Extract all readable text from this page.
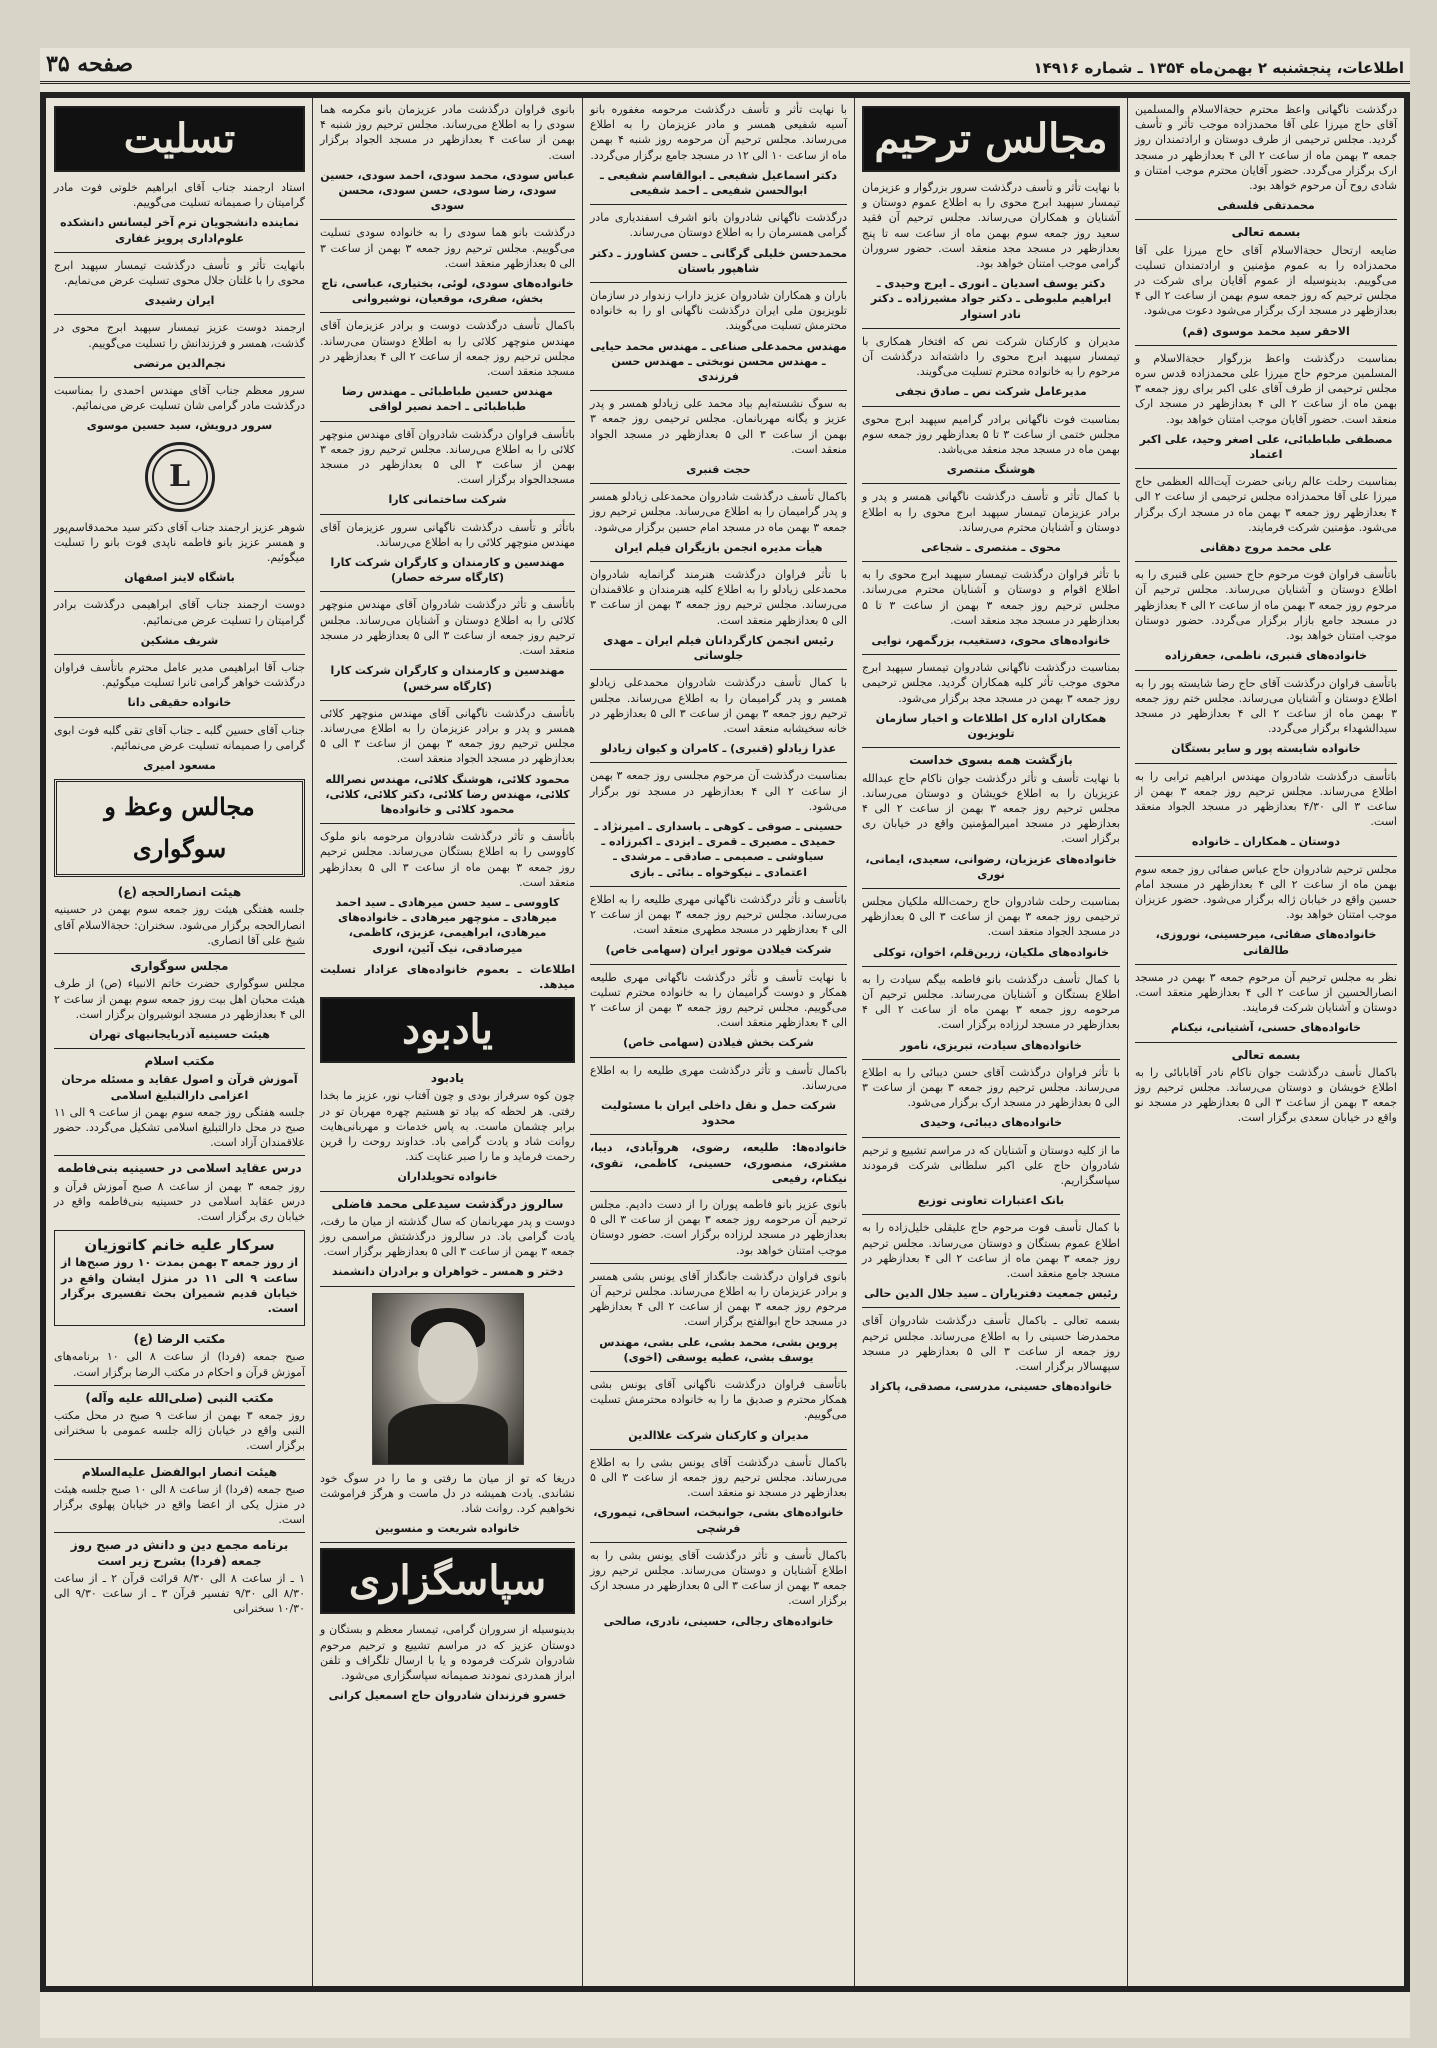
اطلاعات، پنجشنبه ۲ بهمن‌ماه ۱۳۵۴ ـ شماره ۱۴۹۱۶
صفحه ۳۵

درگذشت ناگهانی واعظ محترم حجةالاسلام والمسلمین آقای حاج میرزا علی آقا محمدزاده موجب تأثر و تأسف گردید. مجلس ترحیمی از طرف دوستان و ارادتمندان روز جمعه ۳ بهمن ماه از ساعت ۲ الی ۴ بعدازظهر در مسجد ارک برگزار می‌گردد. حضور آقایان محترم موجب امتنان و شادی روح آن مرحوم خواهد بود.

محمدتقی فلسفی
بسمه تعالی

ضایعه ارتحال حجةالاسلام آقای حاج میرزا علی آقا محمدزاده را به عموم مؤمنین و ارادتمندان تسلیت می‌گوییم. بدینوسیله از عموم آقایان برای شرکت در مجلس ترحیم که روز جمعه سوم بهمن از ساعت ۲ الی ۴ بعدازظهر در مسجد ارک برگزار می‌شود دعوت می‌شود.

الاحقر سید محمد موسوی (قم)

بمناسبت درگذشت واعظ بزرگوار حجةالاسلام و المسلمین مرحوم حاج میرزا علی محمدزاده قدس سره مجلس ترحیمی از طرف آقای علی اکبر برای روز جمعه ۳ بهمن ماه از ساعت ۲ الی ۴ بعدازظهر در مسجد ارک منعقد است. حضور آقایان موجب امتنان خواهد بود.

مصطفی طباطبائی، علی اصغر وحید، علی اکبر اعتماد

بمناسبت رحلت عالم ربانی حضرت آیت‌الله العظمی حاج میرزا علی آقا محمدزاده مجلس ترحیمی از ساعت ۲ الی ۴ بعدازظهر روز جمعه ۳ بهمن ماه در مسجد ارک برگزار می‌شود. مؤمنین شرکت فرمایند.

علی محمد مروج دهقانی

باتأسف فراوان فوت مرحوم حاج حسین علی قنبری را به اطلاع دوستان و آشنایان می‌رساند. مجلس ترحیم آن مرحوم روز جمعه ۳ بهمن ماه از ساعت ۲ الی ۴ بعدازظهر در مسجد جامع بازار برگزار می‌گردد. حضور دوستان موجب امتنان خواهد بود.

خانواده‌های قنبری، ناظمی، جعفرزاده

باتأسف فراوان درگذشت آقای حاج رضا شایسته پور را به اطلاع دوستان و آشنایان می‌رساند. مجلس ختم روز جمعه ۳ بهمن ماه از ساعت ۲ الی ۴ بعدازظهر در مسجد سیدالشهداء برگزار می‌گردد.

خانواده شایسته پور و سایر بستگان

باتأسف درگذشت شادروان مهندس ابراهیم ترابی را به اطلاع می‌رساند. مجلس ترحیم روز جمعه ۳ بهمن از ساعت ۳ الی ۴/۳۰ بعدازظهر در مسجد الجواد منعقد است.

دوستان ـ همکاران ـ خانواده

مجلس ترحیم شادروان حاج عباس صفائی روز جمعه سوم بهمن ماه از ساعت ۲ الی ۴ بعدازظهر در مسجد امام حسین واقع در خیابان ژاله برگزار می‌شود. حضور عزیزان موجب امتنان خواهد بود.

خانواده‌های صفائی، میرحسینی، نوروزی، طالقانی

نظر به مجلس ترحیم آن مرحوم جمعه ۳ بهمن در مسجد انصارالحسین از ساعت ۲ الی ۴ بعدازظهر منعقد است. دوستان و آشنایان شرکت فرمایند.

خانواده‌های حسنی، آشتیانی، نیکنام
بسمه تعالی

باکمال تأسف درگذشت جوان ناکام نادر آقابابائی را به اطلاع خویشان و دوستان می‌رساند. مجلس ترحیم روز جمعه ۳ بهمن از ساعت ۳ الی ۵ بعدازظهر در مسجد نو واقع در خیابان سعدی برگزار است.

مجالس ترحیم

با نهایت تأثر و تأسف درگذشت سرور بزرگوار و عزیزمان تیمسار سپهبد ابرج محوی را به اطلاع عموم دوستان و آشنایان و همکاران می‌رساند. مجلس ترحیم آن فقید سعید روز جمعه سوم بهمن ماه از ساعت سه تا پنج بعدازظهر در مسجد مجد منعقد است. حضور سروران گرامی موجب امتنان خواهد بود.

دکتر یوسف اسدیان ـ انوری ـ ایرج وحیدی ـ ابراهیم ملبوطی ـ دکتر جواد مشیرزاده ـ دکتر نادر استوار

مدیران و کارکنان شرکت نص که افتخار همکاری با تیمسار سپهبد ابرج محوی را داشته‌اند درگذشت آن مرحوم را به خانواده محترم تسلیت می‌گویند.

مدیرعامل شرکت نص ـ صادق نجفی

بمناسبت فوت ناگهانی برادر گرامیم سپهبد ابرج محوی مجلس ختمی از ساعت ۳ تا ۵ بعدازظهر روز جمعه سوم بهمن ماه در مسجد مجد منعقد می‌باشد.

هوشنگ منتصری

با کمال تأثر و تأسف درگذشت ناگهانی همسر و پدر و برادر عزیزمان تیمسار سپهبد ابرج محوی را به اطلاع دوستان و آشنایان محترم می‌رساند.

محوی ـ منتصری ـ شجاعی

با تأثر فراوان درگذشت تیمسار سپهبد ابرج محوی را به اطلاع اقوام و دوستان و آشنایان محترم می‌رساند. مجلس ترحیم روز جمعه ۳ بهمن از ساعت ۳ تا ۵ بعدازظهر در مسجد مجد منعقد است.

خانواده‌های محوی، دستغیب، بزرگمهر، نوایی

بمناسبت درگذشت ناگهانی شادروان تیمسار سپهبد ابرج محوی موجب تأثر کلیه همکاران گردید. مجلس ترحیمی روز جمعه ۳ بهمن در مسجد مجد برگزار می‌شود.

همکاران اداره کل اطلاعات و اخبار سازمان تلویزیون
بازگشت همه بسوی خداست

با نهایت تأسف و تأثر درگذشت جوان ناکام حاج عبدالله عزیزیان را به اطلاع خویشان و دوستان می‌رساند. مجلس ترحیم روز جمعه ۳ بهمن از ساعت ۲ الی ۴ بعدازظهر در مسجد امیرالمؤمنین واقع در خیابان ری برگزار است.

خانواده‌های عزیزیان، رضوانی، سعیدی، ایمانی، نوری

بمناسبت رحلت شادروان حاج رحمت‌الله ملکیان مجلس ترحیمی روز جمعه ۳ بهمن از ساعت ۳ الی ۵ بعدازظهر در مسجد الجواد منعقد است.

خانواده‌های ملکیان، زرین‌قلم، اخوان، توکلی

با کمال تأسف درگذشت بانو فاطمه بیگم سیادت را به اطلاع بستگان و آشنایان می‌رساند. مجلس ترحیم آن مرحومه روز جمعه ۳ بهمن ماه از ساعت ۲ الی ۴ بعدازظهر در مسجد لرزاده برگزار است.

خانواده‌های سیادت، تبریزی، نامور

با تأثر فراوان درگذشت آقای حسن دیبائی را به اطلاع می‌رساند. مجلس ترحیم روز جمعه ۳ بهمن از ساعت ۳ الی ۵ بعدازظهر در مسجد ارک برگزار می‌شود.

خانواده‌های دیبائی، وحیدی

ما از کلیه دوستان و آشنایان که در مراسم تشییع و ترحیم شادروان حاج علی اکبر سلطانی شرکت فرمودند سپاسگزاریم.

بانک اعتبارات تعاونی توزیع

با کمال تأسف فوت مرحوم حاج علیقلی خلیل‌زاده را به اطلاع عموم بستگان و دوستان می‌رساند. مجلس ترحیم روز جمعه ۳ بهمن ماه از ساعت ۲ الی ۴ بعدازظهر در مسجد جامع منعقد است.

رئیس جمعیت دفتریاران ـ سید جلال الدین حالی

بسمه تعالی ـ باکمال تأسف درگذشت شادروان آقای محمدرضا حسینی را به اطلاع می‌رساند. مجلس ترحیم روز جمعه از ساعت ۳ الی ۵ بعدازظهر در مسجد سپهسالار برگزار است.

خانواده‌های حسینی، مدرسی، مصدقی، پاکزاد

با نهایت تأثر و تأسف درگذشت مرحومه مغفوره بانو آسیه شفیعی همسر و مادر عزیزمان را به اطلاع می‌رساند. مجلس ترحیم آن مرحومه روز شنبه ۴ بهمن ماه از ساعت ۱۰ الی ۱۲ در مسجد جامع برگزار می‌گردد.

دکتر اسماعیل شفیعی ـ ابوالقاسم شفیعی ـ ابوالحسن شفیعی ـ احمد شفیعی

درگذشت ناگهانی شادروان بانو اشرف اسفندیاری مادر گرامی همسرمان را به اطلاع دوستان می‌رساند.

محمدحسن خلیلی گرگانی ـ حسن کشاورز ـ دکتر شاهپور باستان

باران و همکاران شادروان عزیز داراب زندوار در سازمان تلویزیون ملی ایران درگذشت ناگهانی او را به خانواده محترمش تسلیت می‌گویند.

مهندس محمدعلی صناعی ـ مهندس محمد حیایی ـ مهندس محسن نوبختی ـ مهندس حسن فرزندی

به سوگ نشسته‌ایم بیاد محمد علی زیادلو همسر و پدر عزیز و یگانه مهربانمان. مجلس ترحیمی روز جمعه ۳ بهمن از ساعت ۳ الی ۵ بعدازظهر در مسجد الجواد منعقد است.

حجت قنبری

باکمال تأسف درگذشت شادروان محمدعلی زیادلو همسر و پدر گرامیمان را به اطلاع می‌رساند. مجلس ترحیم روز جمعه ۳ بهمن ماه در مسجد امام حسین برگزار می‌شود.

هیأت مدیره انجمن بازیگران فیلم ایران

با تأثر فراوان درگذشت هنرمند گرانمایه شادروان محمدعلی زیادلو را به اطلاع کلیه هنرمندان و علاقمندان می‌رساند. مجلس ترحیم روز جمعه ۳ بهمن از ساعت ۳ الی ۵ بعدازظهر منعقد است.

رئیس انجمن کارگردانان فیلم ایران ـ مهدی جلوساتی

با کمال تأسف درگذشت شادروان محمدعلی زیادلو همسر و پدر گرامیمان را به اطلاع می‌رساند. مجلس ترحیم روز جمعه ۳ بهمن از ساعت ۳ الی ۵ بعدازظهر در خانه سخیشابه منعقد است.

عذرا زیادلو (قنبری) ـ کامران و کیوان زیادلو

بمناسبت درگذشت آن مرحوم مجلسی روز جمعه ۳ بهمن از ساعت ۲ الی ۴ بعدازظهر در مسجد نور برگزار می‌شود.

حسینی ـ صوفی ـ کوهی ـ باسداری ـ امیرنژاد ـ حمیدی ـ مصیری ـ قمری ـ ایزدی ـ اکبرزاده ـ سیاوشی ـ صمیمی ـ صادقی ـ مرشدی ـ اعتمادی ـ نیکوخواه ـ بنائی ـ بازی

باتأسف و تأثر درگذشت ناگهانی مهری طلیعه را به اطلاع می‌رساند. مجلس ترحیم روز جمعه ۳ بهمن از ساعت ۲ الی ۴ بعدازظهر در مسجد مطهری منعقد است.

شرکت فیلادن موتور ایران (سهامی خاص)

با نهایت تأسف و تأثر درگذشت ناگهانی مهری طلیعه همکار و دوست گرامیمان را به خانواده محترم تسلیت می‌گوییم. مجلس ترحیم روز جمعه ۳ بهمن از ساعت ۲ الی ۴ بعدازظهر منعقد است.

شرکت بخش فیلادن (سهامی خاص)

باکمال تأسف و تأثر درگذشت مهری طلیعه را به اطلاع می‌رساند.

شرکت حمل و نقل داخلی ایران با مسئولیت محدود

خانواده‌ها: طلیعه، رضوی، هروآبادی، دیبا، مشتری، منصوری، حسینی، کاظمی، تقوی، نیکنام، رفیعی

بانوی عزیز بانو فاطمه پوران را از دست دادیم. مجلس ترحیم آن مرحومه روز جمعه ۳ بهمن از ساعت ۳ الی ۵ بعدازظهر در مسجد لرزاده برگزار است. حضور دوستان موجب امتنان خواهد بود.

بانوی فراوان درگذشت جانگداز آقای یونس بشی همسر و برادر عزیزمان را به اطلاع می‌رساند. مجلس ترحیم آن مرحوم روز جمعه ۳ بهمن از ساعت ۲ الی ۴ بعدازظهر در مسجد حاج ابوالفتح برگزار است.

پروین بشی، محمد بشی، علی بشی، مهندس یوسف بشی، عطیه یوسفی (اخوی)

باتأسف فراوان درگذشت ناگهانی آقای یونس بشی همکار محترم و صدیق ما را به خانواده محترمش تسلیت می‌گوییم.

مدیران و کارکنان شرکت علاالدین

باکمال تأسف درگذشت آقای یونس بشی را به اطلاع می‌رساند. مجلس ترحیم روز جمعه از ساعت ۳ الی ۵ بعدازظهر در مسجد نو منعقد است.

خانواده‌های بشی، جوانبخت، اسحاقی، تیموری، فرشچی

باکمال تأسف و تأثر درگذشت آقای یونس بشی را به اطلاع آشنایان و دوستان می‌رساند. مجلس ترحیم روز جمعه ۳ بهمن از ساعت ۳ الی ۵ بعدازظهر در مسجد ارک برگزار است.

خانواده‌های رجالی، حسینی، نادری، صالحی

بانوی فراوان درگذشت مادر عزیزمان بانو مکرمه هما سودی را به اطلاع می‌رساند. مجلس ترحیم روز شنبه ۴ بهمن از ساعت ۴ بعدازظهر در مسجد الجواد برگزار است.

عباس سودی، محمد سودی، احمد سودی، حسین سودی، رضا سودی، حسن سودی، محسن سودی

درگذشت بانو هما سودی را به خانواده سودی تسلیت می‌گوییم. مجلس ترحیم روز جمعه ۳ بهمن از ساعت ۳ الی ۵ بعدازظهر منعقد است.

خانواده‌های سودی، لوئی، بختیاری، عباسی، تاج بخش، صفری، موقعیان، نوشیروانی

باکمال تأسف درگذشت دوست و برادر عزیزمان آقای مهندس منوچهر کلائی را به اطلاع دوستان می‌رساند. مجلس ترحیم روز جمعه از ساعت ۲ الی ۴ بعدازظهر در مسجد منعقد است.

مهندس حسین طباطبائی ـ مهندس رضا طباطبائی ـ احمد نصیر لواقی

باتأسف فراوان درگذشت شادروان آقای مهندس منوچهر کلائی را به اطلاع می‌رساند. مجلس ترحیم روز جمعه ۳ بهمن از ساعت ۳ الی ۵ بعدازظهر در مسجد مسجدالجواد برگزار است.

شرکت ساختمانی کارا

باتأثر و تأسف درگذشت ناگهانی سرور عزیزمان آقای مهندس منوچهر کلائی را به اطلاع می‌رساند.

مهندسین و کارمندان و کارگران شرکت کارا (کارگاه سرخه حصار)

باتأسف و تأثر درگذشت شادروان آقای مهندس منوچهر کلائی را به اطلاع دوستان و آشنایان می‌رساند. مجلس ترحیم روز جمعه از ساعت ۳ الی ۵ بعدازظهر در مسجد منعقد است.

مهندسین و کارمندان و کارگران شرکت کارا (کارگاه سرخس)

باتأسف درگذشت ناگهانی آقای مهندس منوچهر کلائی همسر و پدر و برادر عزیزمان را به اطلاع می‌رساند. مجلس ترحیم روز جمعه ۳ بهمن از ساعت ۳ الی ۵ بعدازظهر در مسجد الجواد منعقد است.

محمود کلائی، هوشنگ کلائی، مهندس نصرالله کلائی، مهندس رضا کلائی، دکتر کلائی، کلائی، محمود کلائی و خانواده‌ها

باتأسف و تأثر درگذشت شادروان مرحومه بانو ملوک کاووسی را به اطلاع بستگان می‌رساند. مجلس ترحیم روز جمعه ۳ بهمن ماه از ساعت ۳ الی ۵ بعدازظهر منعقد است.

کاووسی ـ سید حسن میرهادی ـ سید احمد میرهادی ـ منوچهر میرهادی ـ خانواده‌های میرهادی، ابراهیمی، عزیزی، کاظمی، میرصادقی، نیک آئین، انوری

اطلاعات ـ بعموم خانواده‌های عزادار تسلیت میدهد.

یادبود
یادبود

چون کوه سرفراز بودی و چون آفتاب نور، عزیز ما بخدا رفتی. هر لحظه که بیاد تو هستیم چهره مهربان تو در برابر چشمان ماست. به پاس خدمات و مهربانی‌هایت روانت شاد و یادت گرامی باد. خداوند روحت را قرین رحمت فرماید و ما را صبر عنایت کند.

خانواده تحویلداران
سالروز درگذشت سیدعلی محمد فاضلی

دوست و پدر مهربانمان که سال گذشته از میان ما رفت، یادت گرامی باد. در سالروز درگذشتش مراسمی روز جمعه ۳ بهمن از ساعت ۳ الی ۵ بعدازظهر برگزار است.

دختر و همسر ـ خواهران و برادران دانشمند

دریغا که تو از میان ما رفتی و ما را در سوگ خود نشاندی. یادت همیشه در دل ماست و هرگز فراموشت نخواهیم کرد. روانت شاد.

خانواده شریعت و منسوبین
سپاسگزاری

بدینوسیله از سروران گرامی، تیمسار معظم و بستگان و دوستان عزیز که در مراسم تشییع و ترحیم مرحوم شادروان شرکت فرموده و یا با ارسال تلگراف و تلفن ابراز همدردی نمودند صمیمانه سپاسگزاری می‌شود.

خسرو فرزندان شادروان حاج اسمعیل کرانی
تسلیت

استاد ارجمند جناب آقای ابراهیم خلوتی فوت مادر گرامیتان را صمیمانه تسلیت می‌گوییم.

نماینده دانشجویان ترم آخر لیسانس دانشکده علوم‌اداری پرویز غفاری

بانهایت تأثر و تأسف درگذشت تیمسار سپهبد ابرج محوی را با غلتان جلال محوی تسلیت عرض می‌نمایم.

ایران رشیدی

ارجمند دوست عزیز تیمسار سپهبد ابرج محوی در گذشت، همسر و فرزندانش را تسلیت می‌گوییم.

نجم‌الدین مرتضی

سرور معظم جناب آقای مهندس احمدی را بمناسبت درگذشت مادر گرامی شان تسلیت عرض می‌نمائیم.

سرور درویش، سید حسین موسوی
L

شوهر عزیز ارجمند جناب آقای دکتر سید محمدقاسم‌پور و همسر عزیز بانو فاطمه ناپدی فوت بانو را تسلیت میگوئیم.

باشگاه لاینز اصفهان

دوست ارجمند جناب آقای ابراهیمی درگذشت برادر گرامیتان را تسلیت عرض می‌نمائیم.

شریف مشکین

جناب آقا ابراهیمی مدیر عامل محترم باتأسف فراوان درگذشت خواهر گرامی تانرا تسلیت میگوئیم.

خانواده حقیقی دانا

جناب آقای حسین گلبه ـ جناب آقای تقی گلبه فوت ابوی گرامی را صمیمانه تسلیت عرض می‌نمائیم.

مسعود امیری
مجالس وعظ و سوگواری
هیئت انصارالحجه (ع)

جلسه هفتگی هیئت روز جمعه سوم بهمن در حسینیه انصارالحجه برگزار می‌شود. سخنران: حجةالاسلام آقای شیخ علی آقا انصاری.

مجلس سوگواری

مجلس سوگواری حضرت خاتم الانبیاء (ص) از طرف هیئت محبان اهل بیت روز جمعه سوم بهمن از ساعت ۲ الی ۴ بعدازظهر در مسجد انوشیروان برگزار است.

هیئت حسینیه آذربایجانیهای تهران
مکتب اسلام
آموزش قرآن و اصول عقاید و مسئله مرحان اعزامی دارالتبلیغ اسلامی

جلسه هفتگی روز جمعه سوم بهمن از ساعت ۹ الی ۱۱ صبح در محل دارالتبلیغ اسلامی تشکیل می‌گردد. حضور علاقمندان آزاد است.

درس عقاید اسلامی در حسینیه بنی‌فاطمه

روز جمعه ۳ بهمن از ساعت ۸ صبح آموزش قرآن و درس عقاید اسلامی در حسینیه بنی‌فاطمه واقع در خیابان ری برگزار است.

سرکار علیه خانم کاتوزیان

از روز جمعه ۳ بهمن بمدت ۱۰ روز صبح‌ها از ساعت ۹ الی ۱۱ در منزل ایشان واقع در خیابان قدیم شمیران بحث تفسیری برگزار است.

مکتب الرضا (ع)

صبح جمعه (فردا) از ساعت ۸ الی ۱۰ برنامه‌های آموزش قرآن و احکام در مکتب الرضا برگزار است.

مکتب النبی (صلی‌الله علیه وآله)

روز جمعه ۳ بهمن از ساعت ۹ صبح در محل مکتب النبی واقع در خیابان ژاله جلسه عمومی با سخنرانی برگزار است.

هیئت انصار ابوالفضل علیه‌السلام

صبح جمعه (فردا) از ساعت ۸ الی ۱۰ صبح جلسه هیئت در منزل یکی از اعضا واقع در خیابان پهلوی برگزار است.

برنامه مجمع دین و دانش در صبح روز جمعه (فردا) بشرح زیر است

۱ ـ از ساعت ۸ الی ۸/۳۰ قرائت قرآن ۲ ـ از ساعت ۸/۳۰ الی ۹/۳۰ تفسیر قرآن ۳ ـ از ساعت ۹/۳۰ الی ۱۰/۳۰ سخنرانی
